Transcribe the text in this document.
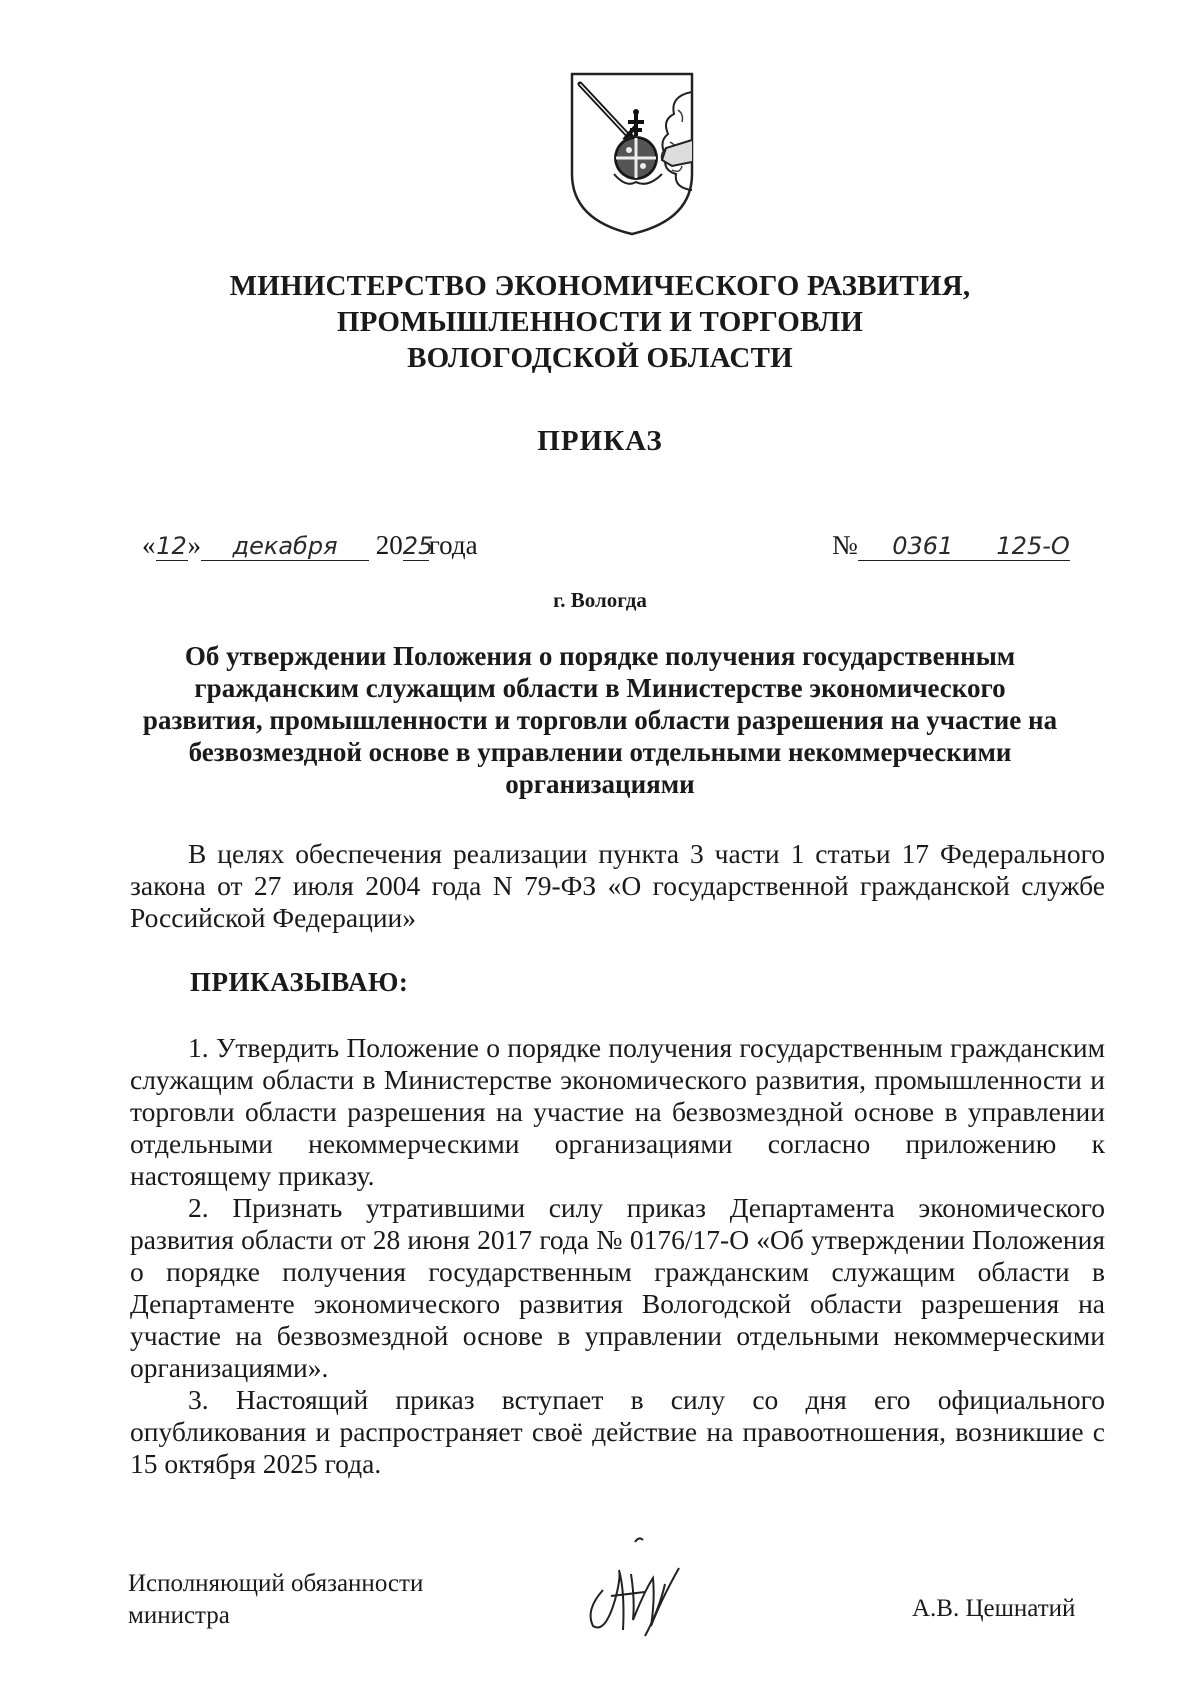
МИНИСТЕРСТВО ЭКОНОМИЧЕСКОГО РАЗВИТИЯ,
ПРОМЫШЛЕННОСТИ И ТОРГОВЛИ
ВОЛОГОДСКОЙ ОБЛАСТИ
ПРИКАЗ
«12» декабря 2025года	№ 0361 125-О
г. Вологда
Об утверждении Положения о порядке получения государственным
гражданским служащим области в Министерстве экономического
развития, промышленности и торговли области разрешения на участие на
безвозмездной основе в управлении отдельными некоммерческими
организациями

В целях обеспечения реализации пункта 3 части 1 статьи 17 Федерального закона от 27 июля 2004 года N 79-ФЗ «О государственной гражданской службе Российской Федерации»

ПРИКАЗЫВАЮ:

1. Утвердить Положение о порядке получения государственным гражданским служащим области в Министерстве экономического развития, промышленности и торговли области разрешения на участие на безвозмездной основе в управлении отдельными некоммерческими организациями согласно приложению к настоящему приказу.

2. Признать утратившими силу приказ Департамента экономического развития области от 28 июня 2017 года № 0176/17-О «Об утверждении Положения о порядке получения государственным гражданским служащим области в Департаменте экономического развития Вологодской области разрешения на участие на безвозмездной основе в управлении отдельными некоммерческими организациями».

3. Настоящий приказ вступает в силу со дня его официального опубликования и распространяет своё действие на правоотношения, возникшие с 15 октября 2025 года.

Исполняющий обязанности
министра	А.В. Цешнатий
